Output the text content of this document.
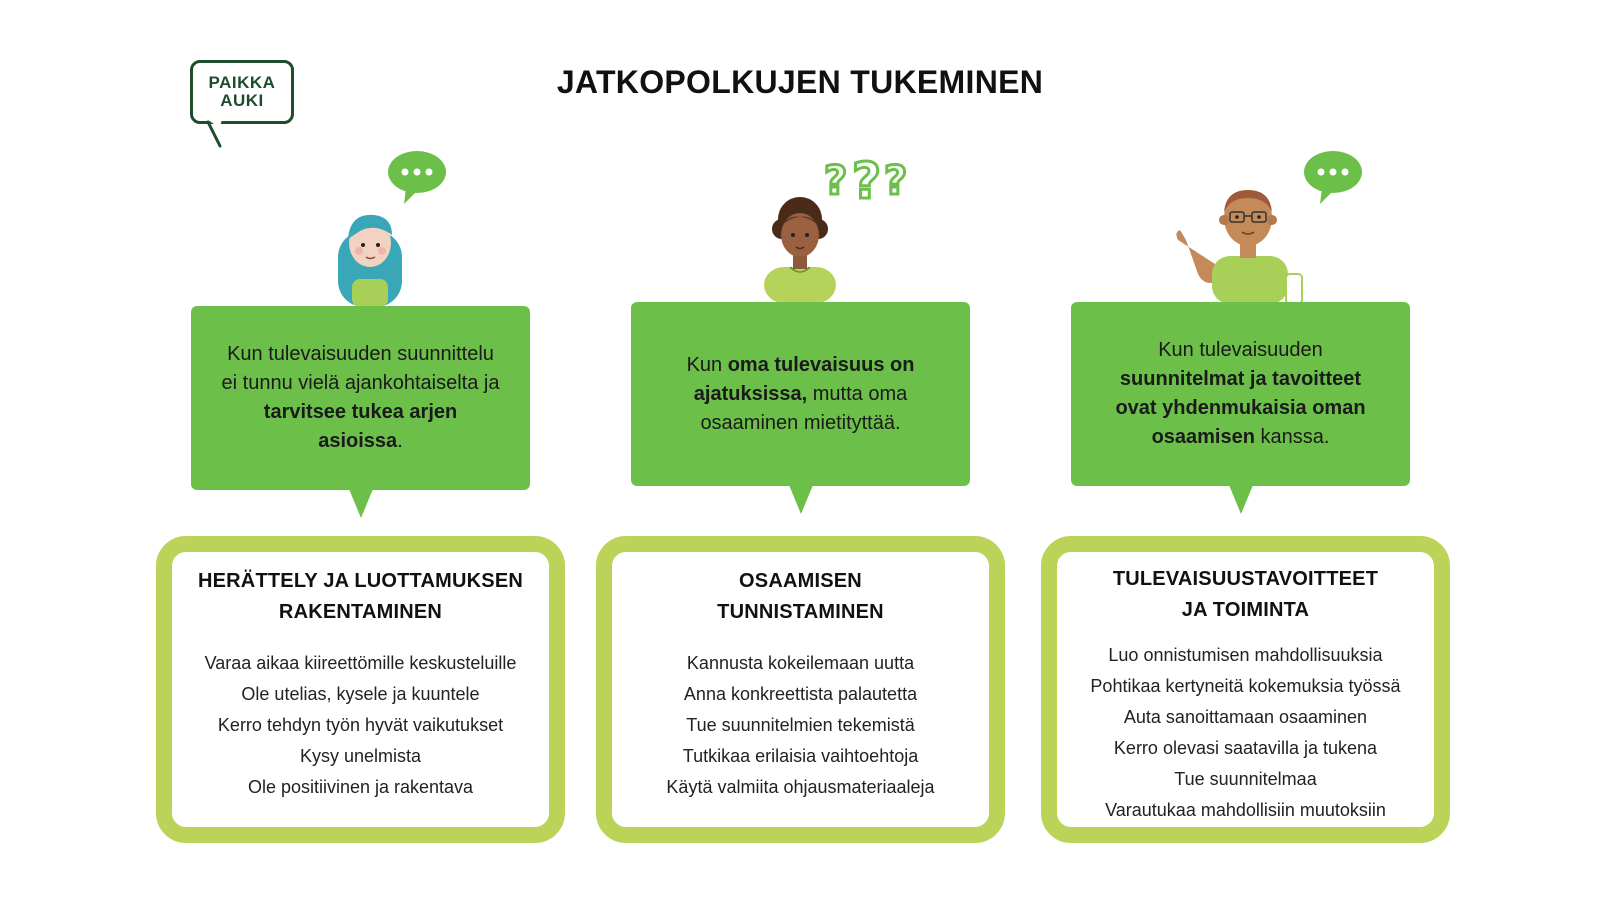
PAIKKA
AUKI
JATKOPOLKUJEN TUKEMINEN
? ? ?
Kun tulevaisuuden suunnittelu ei tunnu vielä ajankohtaiselta ja tarvitsee tukea arjen asioissa.
Kun oma tulevaisuus on ajatuksissa, mutta oma osaaminen mietityttää.
Kun tulevaisuuden suunnitelmat ja tavoitteet ovat yhdenmukaisia oman osaamisen kanssa.
HERÄTTELY JA LUOTTAMUKSEN RAKENTAMINEN
Varaa aikaa kiireettömille keskusteluille
Ole utelias, kysele ja kuuntele
Kerro tehdyn työn hyvät vaikutukset
Kysy unelmista
Ole positiivinen ja rakentava
OSAAMISEN TUNNISTAMINEN
Kannusta kokeilemaan uutta
Anna konkreettista palautetta
Tue suunnitelmien tekemistä
Tutkikaa erilaisia vaihtoehtoja
Käytä valmiita ohjausmateriaaleja
TULEVAISUUSTAVOITTEET JA TOIMINTA
Luo onnistumisen mahdollisuuksia
Pohtikaa kertyneitä kokemuksia työssä
Auta sanoittamaan osaaminen
Kerro olevasi saatavilla ja tukena
Tue suunnitelmaa
Varautukaa mahdollisiin muutoksiin
